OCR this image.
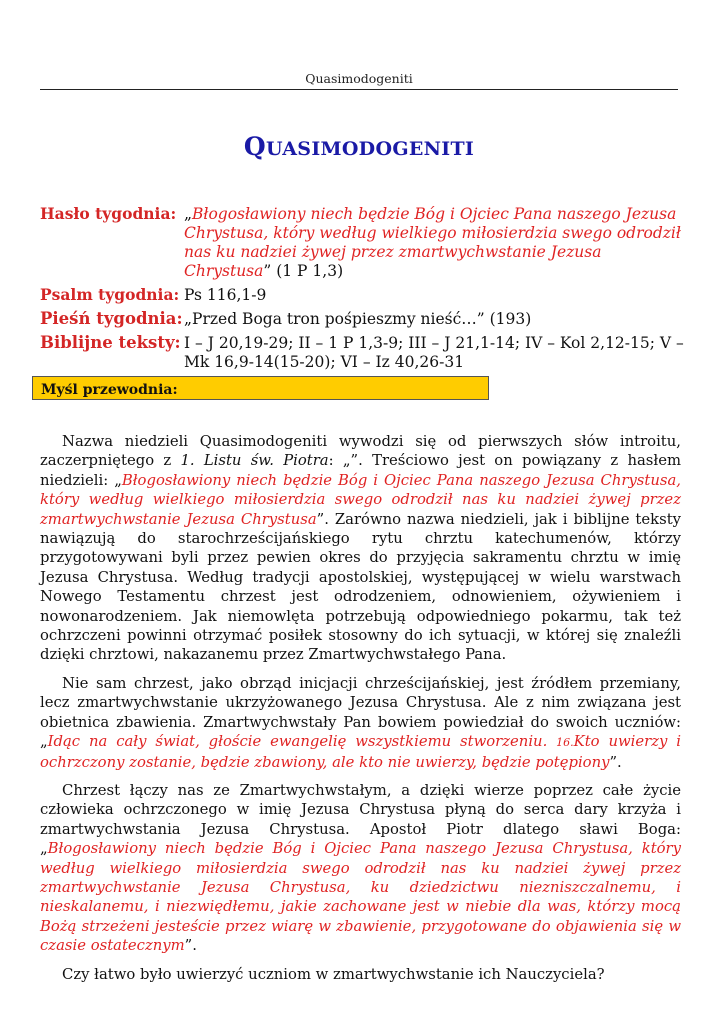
Quasimodogeniti
QUASIMODOGENITI
Hasło tygodnia: „Błogosławiony niech będzie Bóg i Ojciec Pana naszego Jezusa Chrystusa, który według wielkiego miłosierdzia swego odrodził nas ku nadziei żywej przez zmartwychwstanie Jezusa Chrystusa” (1 P 1,3)
Psalm tygodnia: Ps 116,1-9
Pieśń tygodnia: „Przed Boga tron pośpieszmy nieść…” (193)
Biblijne teksty: I – J 20,19-29; II – 1 P 1,3-9; III – J 21,1-14; IV – Kol 2,12-15; V – Mk 16,9-14(15-20); VI – Iz 40,26-31
Myśl przewodnia:

Nazwa niedzieli Quasimodogeniti wywodzi się od pierwszych słów introitu, zaczerpniętego z 1. Listu św. Piotra: „”. Treściowo jest on powiązany z hasłem niedzieli: „Błogosławiony niech będzie Bóg i Ojciec Pana naszego Jezusa Chrystusa, który według wielkiego miłosierdzia swego odrodził nas ku nadziei żywej przez zmartwychwstanie Jezusa Chrystusa”. Zarówno nazwa niedzieli, jak i biblijne teksty nawiązują do starochrześcijańskiego rytu chrztu katechumenów, którzy przygotowywani byli przez pewien okres do przyjęcia sakramentu chrztu w imię Jezusa Chrystusa. Według tradycji apostolskiej, występującej w wielu warstwach Nowego Testamentu chrzest jest odrodzeniem, odnowieniem, ożywieniem i nowonarodzeniem. Jak niemowlęta potrzebują odpowiedniego pokarmu, tak też ochrzczeni powinni otrzymać posiłek stosowny do ich sytuacji, w której się znaleźli dzięki chrztowi, nakazanemu przez Zmartwychwstałego Pana.

Nie sam chrzest, jako obrząd inicjacji chrześcijańskiej, jest źródłem przemiany, lecz zmartwychwstanie ukrzyżowanego Jezusa Chrystusa. Ale z nim związana jest obietnica zbawienia. Zmartwychwstały Pan bowiem powiedział do swoich uczniów: „Idąc na cały świat, głoście ewangelię wszystkiemu stworzeniu. 16.Kto uwierzy i ochrzczony zostanie, będzie zbawiony, ale kto nie uwierzy, będzie potępiony”.

Chrzest łączy nas ze Zmartwychwstałym, a dzięki wierze poprzez całe życie człowieka ochrzczonego w imię Jezusa Chrystusa płyną do serca dary krzyża i zmartwychwstania Jezusa Chrystusa. Apostoł Piotr dlatego sławi Boga: „Błogosławiony niech będzie Bóg i Ojciec Pana naszego Jezusa Chrystusa, który według wielkiego miłosierdzia swego odrodził nas ku nadziei żywej przez zmartwychwstanie Jezusa Chrystusa, ku dziedzictwu niezniszczalnemu, i nieskalanemu, i niezwiędłemu, jakie zachowane jest w niebie dla was, którzy mocą Bożą strzeżeni jesteście przez wiarę w zbawienie, przygotowane do objawienia się w czasie ostatecznym”.

Czy łatwo było uwierzyć uczniom w zmartwychwstanie ich Nauczyciela?
